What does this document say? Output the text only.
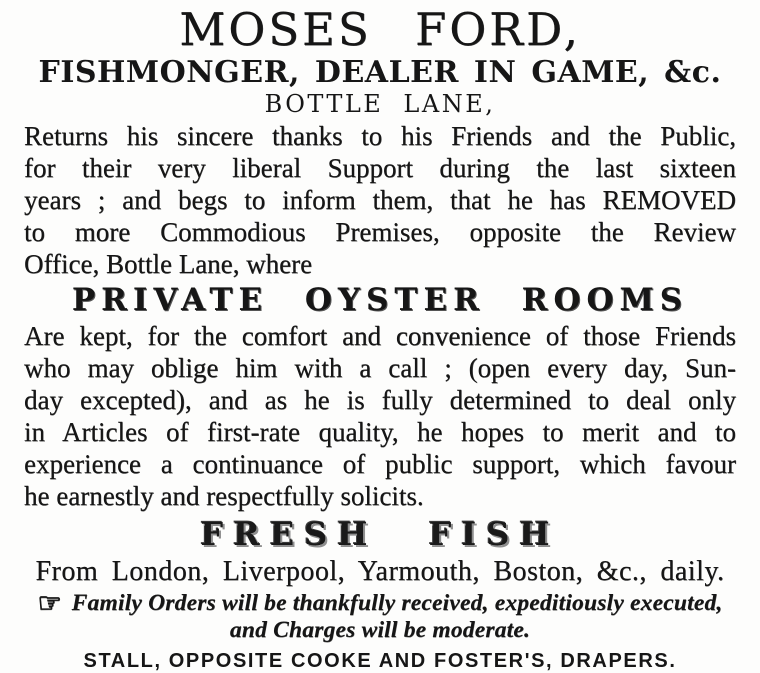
MOSES FORD,
FISHMONGER, DEALER IN GAME, &c.
BOTTLE LANE,
Returns his sincere thanks to his Friends and the Public,
for their very liberal Support during the last sixteen
years ; and begs to inform them, that he has REMOVED
to more Commodious Premises, opposite the Review
Office, Bottle Lane, where
PRIVATE OYSTER ROOMS
Are kept, for the comfort and convenience of those Friends
who may oblige him with a call ; (open every day, Sun-
day excepted), and as he is fully determined to deal only
in Articles of first-rate quality, he hopes to merit and to
experience a continuance of public support, which favour
he earnestly and respectfully solicits.
FRESH FISH
From London, Liverpool, Yarmouth, Boston, &c., daily.
☞ Family Orders will be thankfully received, expeditiously executed,
and Charges will be moderate.
STALL, OPPOSITE COOKE AND FOSTER'S, DRAPERS.
